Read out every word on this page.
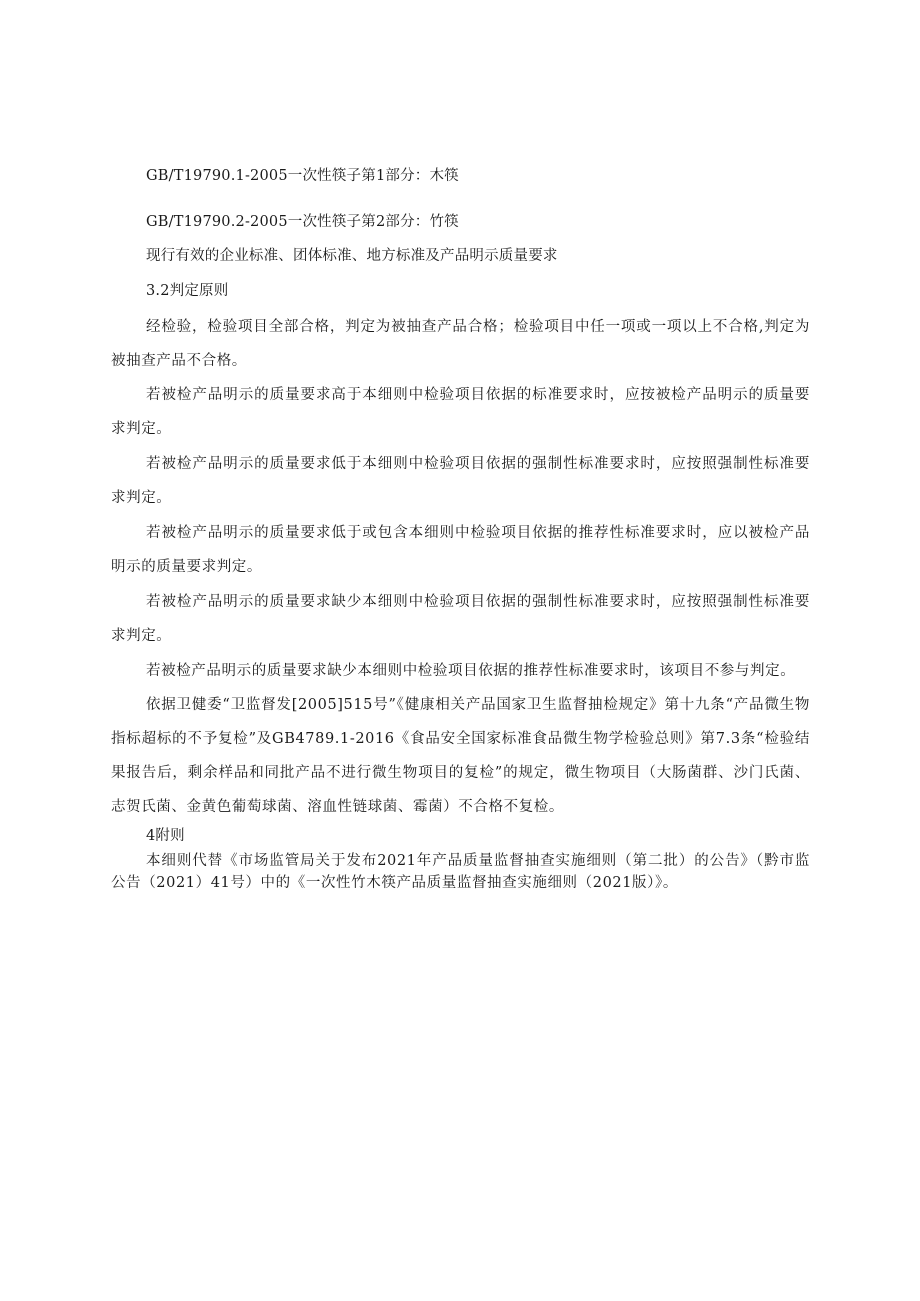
GB/T19790.1-2005一次性筷子第1部分：木筷
GB/T19790.2-2005一次性筷子第2部分：竹筷
现行有效的企业标准、团体标准、地方标准及产品明示质量要求
3.2判定原则

经检验，检验项目全部合格，判定为被抽查产品合格；检验项目中任一项或一项以上不合格,判定为被抽查产品不合格。

若被检产品明示的质量要求高于本细则中检验项目依据的标准要求时，应按被检产品明示的质量要求判定。

若被检产品明示的质量要求低于本细则中检验项目依据的强制性标准要求时，应按照强制性标准要求判定。

若被检产品明示的质量要求低于或包含本细则中检验项目依据的推荐性标准要求时，应以被检产品明示的质量要求判定。

若被检产品明示的质量要求缺少本细则中检验项目依据的强制性标准要求时，应按照强制性标准要求判定。

若被检产品明示的质量要求缺少本细则中检验项目依据的推荐性标准要求时，该项目不参与判定。

依据卫健委“卫监督发[2005]515号”《健康相关产品国家卫生监督抽检规定》第十九条“产品微生物指标超标的不予复检”及GB4789.1-2016《食品安全国家标准食品微生物学检验总则》第7.3条“检验结果报告后，剩余样品和同批产品不进行微生物项目的复检”的规定，微生物项目（大肠菌群、沙门氏菌、志贺氏菌、金黄色葡萄球菌、溶血性链球菌、霉菌）不合格不复检。

4附则

本细则代替《市场监管局关于发布2021年产品质量监督抽查实施细则（第二批）的公告》（黔市监公告（2021）41号）中的《一次性竹木筷产品质量监督抽查实施细则（2021版）》。
